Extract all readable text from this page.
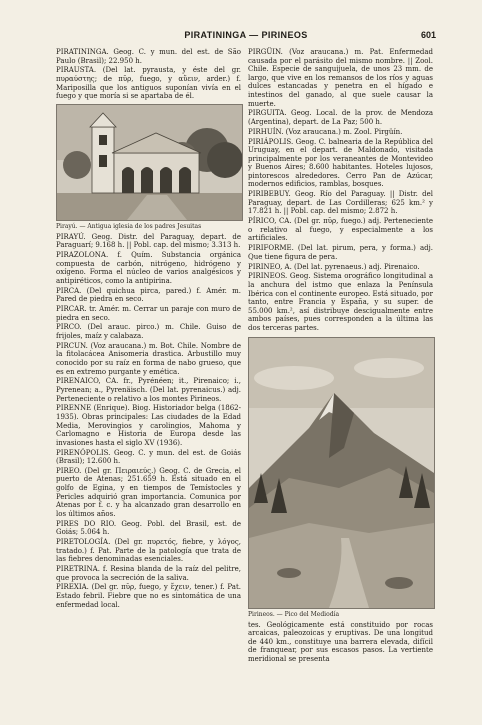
PIRATININGA — PIRINEOS	601

PIRATININGA. Geog. C. y mun. del est. de São Paulo (Brasil); 22.950 h.

PIRAUSTA. (Del lat. pyrausta, y éste del gr. πυραύστης; de πῦρ, fuego, y αὔειν, arder.) f. Mariposilla que los antiguos suponían vivía en el fuego y que moría si se apartaba de él.

Pirayú. — Antigua iglesia de los padres Jesuitas

PIRAYÚ. Geog. Distr. del Paraguay, depart. de Paraguarí; 9.168 h. || Pobl. cap. del mismo; 3.313 h.

PIRAZOLONA. f. Quím. Substancia orgánica compuesta de carbón, nitrógeno, hidrógeno y oxígeno. Forma el núcleo de varios analgésicos y antipiréticos, como la antipirina.

PIRCA. (Del quichua pirca, pared.) f. Amér. m. Pared de piedra en seco.

PIRCAR. tr. Amér. m. Cerrar un paraje con muro de piedra en seco.

PIRCO. (Del arauc. pirco.) m. Chile. Guiso de frijoles, maíz y calabaza.

PIRCUN. (Voz araucana.) m. Bot. Chile. Nombre de la fitolacácea Anisomeria drastica. Arbustillo muy conocido por su raíz en forma de nabo grueso, que es en extremo purgante y emética.

PIRENAICO, CA. fr., Pyrénéen; it., Pirenaico; i., Pyrenean; a., Pyrenäisch. (Del lat. pyrenaicus.) adj. Perteneciente o relativo a los montes Pirineos.

PIRENNE (Enrique). Biog. Historiador belga (1862-1935). Obras principales: Las ciudades de la Edad Media, Merovingios y carolingios, Mahoma y Carlomagno e Historia de Europa desde las invasiones hasta el siglo XV (1936).

PIRENÓPOLIS. Geog. C. y mun. del est. de Goiás (Brasil); 12.600 h.

PIREO. (Del gr. Πειραιεύς.) Geog. C. de Grecia, el puerto de Atenas; 251.659 h. Está situado en el golfo de Egina, y en tiempos de Temístocles y Pericles adquirió gran importancia. Comunica por Atenas por f. c. y ha alcanzado gran desarrollo en los últimos años.

PIRES DO RIO. Geog. Pobl. del Brasil, est. de Goiás; 5.064 h.

PIRETOLOGÍA. (Del gr. πυρετός, fiebre, y λόγος, tratado.) f. Pat. Parte de la patología que trata de las fiebres denominadas esenciales.

PIRETRINA. f. Resina blanda de la raíz del pelitre, que provoca la secreción de la saliva.

PIREXIA. (Del gr. πῦρ, fuego, y ἔχειν, tener.) f. Pat. Estado febril. Fiebre que no es sintomática de una enfermedad local.

PIRGÜIN. (Voz araucana.) m. Pat. Enfermedad causada por el parásito del mismo nombre. || Zool. Chile. Especie de sanguijuela, de unos 23 mm. de largo, que vive en los remansos de los ríos y aguas dulces estancadas y penetra en el hígado e intestinos del ganado, al que suele causar la muerte.

PIRGUITA. Geog. Local. de la prov. de Mendoza (Argentina), depart. de La Paz; 500 h.

PIRHUÍN. (Voz araucana.) m. Zool. Pirgüín.

PIRIÁPOLIS. Geog. C. balnearia de la República del Uruguay, en el depart. de Maldonado, visitada principalmente por los veraneantes de Montevideo y Buenos Aires; 8.600 habitantes. Hoteles lujosos, pintorescos alrededores. Cerro Pan de Azúcar, modernos edificios, ramblas, bosques.

PIRIBEBUY. Geog. Río del Paraguay. || Distr. del Paraguay, depart. de Las Cordilleras; 625 km.² y 17.821 h. || Pobl. cap. del mismo; 2.872 h.

PÍRICO, CA. (Del gr. πῦρ, fuego.) adj. Perteneciente o relativo al fuego, y especialmente a los artificiales.

PIRIFORME. (Del lat. pirum, pera, y forma.) adj. Que tiene figura de pera.

PIRINEO, A. (Del lat. pyrenaeus.) adj. Pirenaico.

PIRINEOS. Geog. Sistema orográfico longitudinal a la anchura del istmo que enlaza la Península Ibérica con el continente europeo. Está situado, por tanto, entre Francia y España, y su super. de 55.000 km.², así distribuye descigualmente entre ambos países, pues corresponden a la última las dos terceras partes.

Pirineos. — Pico del Mediodía

tes. Geológicamente está constituido por rocas arcaicas, paleozoicas y eruptivas. De una longitud de 440 km., constituye una barrera elevada, difícil de franquear, por sus escasos pasos. La vertiente meridional se presenta
